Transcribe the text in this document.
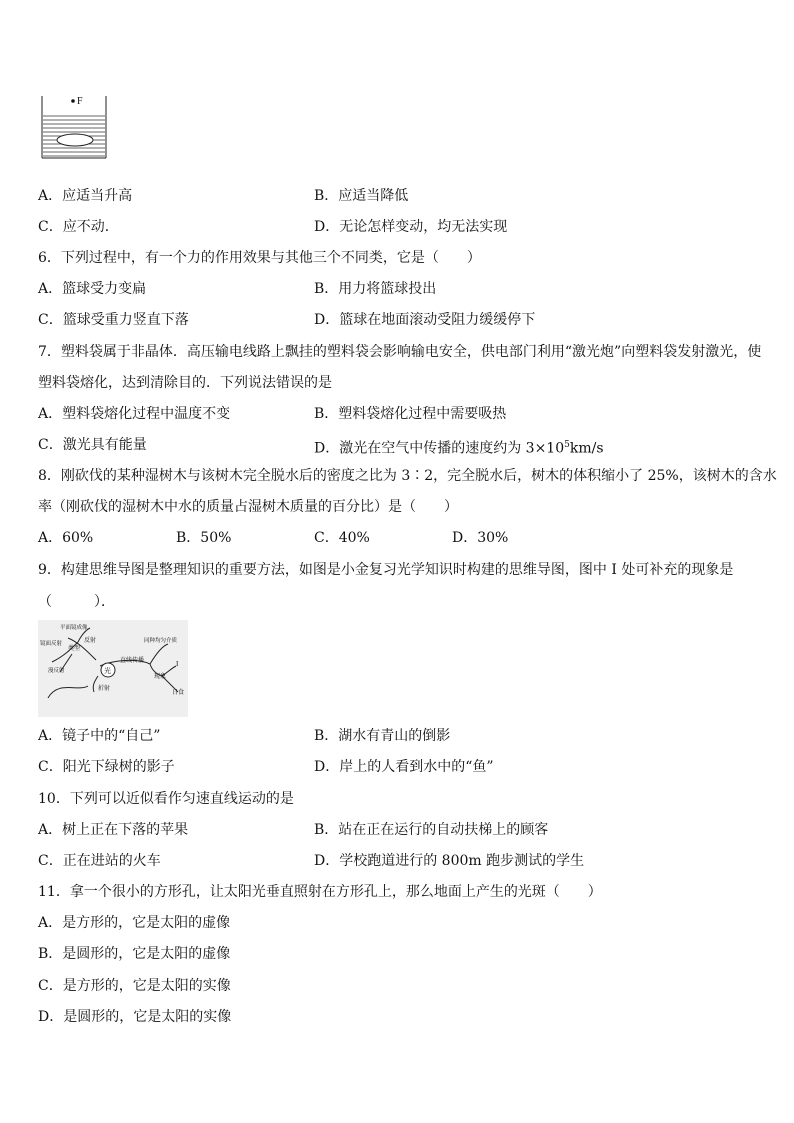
F
A．应适当升高	B．应适当降低
C．应不动．	D．无论怎样变动，均无法实现
6．下列过程中，有一个力的作用效果与其他三个不同类，它是（　　）
A．篮球受力变扁	B．用力将篮球投出
C．篮球受重力竖直下落	D．篮球在地面滚动受阻力缓缓停下
7．塑料袋属于非晶体．高压输电线路上飘挂的塑料袋会影响输电安全，供电部门利用“激光炮”向塑料袋发射激光，使
塑料袋熔化，达到清除目的．下列说法错误的是
A．塑料袋熔化过程中温度不变	B．塑料袋熔化过程中需要吸热
C．激光具有能量	D．激光在空气中传播的速度约为 $3\times 10^5km/s$
8．刚砍伐的某种湿树木与该树木完全脱水后的密度之比为 3∶2，完全脱水后，树木的体积缩小了 25%，该树木的含水
率（刚砍伐的湿树木中水的质量占湿树木质量的百分比）是（　　）
A．60%	B．50%	C．40%	D．30%
9．构建思维导图是整理知识的重要方法，如图是小金复习光学知识时构建的思维导图，图中 I 处可补充的现象是
（　　　）．
光
直线传播
反射
折射
类型
平面镜成像
镜面反射
漫反射
同种均匀介质
现象
I
日食
A．镜子中的“自己”	B．湖水有青山的倒影
C．阳光下绿树的影子	D．岸上的人看到水中的“鱼”
10．下列可以近似看作匀速直线运动的是
A．树上正在下落的苹果	B．站在正在运行的自动扶梯上的顾客
C．正在进站的火车	D．学校跑道进行的 800m 跑步测试的学生
11．拿一个很小的方形孔，让太阳光垂直照射在方形孔上，那么地面上产生的光斑（　　）
A．是方形的，它是太阳的虚像
B．是圆形的，它是太阳的虚像
C．是方形的，它是太阳的实像
D．是圆形的，它是太阳的实像
